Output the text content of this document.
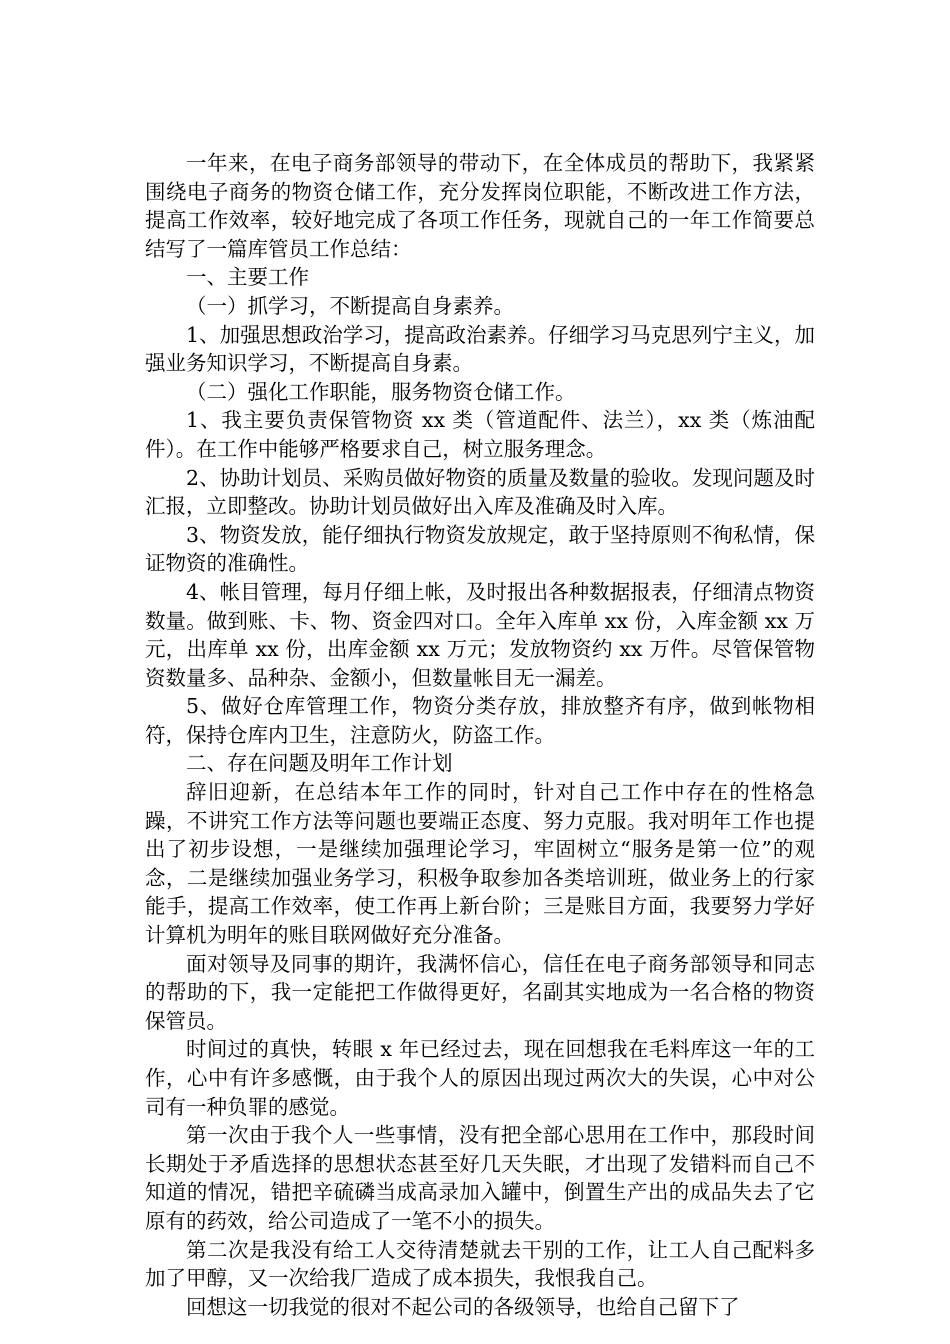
一年来，在电子商务部领导的带动下，在全体成员的帮助下，我紧紧围绕电子商务的物资仓储工作，充分发挥岗位职能，不断改进工作方法，提高工作效率，较好地完成了各项工作任务，现就自己的一年工作简要总结写了一篇库管员工作总结：

一、主要工作

（一）抓学习，不断提高自身素养。

1、加强思想政治学习，提高政治素养。仔细学习马克思列宁主义，加强业务知识学习，不断提高自身素。

（二）强化工作职能，服务物资仓储工作。

1、我主要负责保管物资 xx 类（管道配件、法兰），xx 类（炼油配件）。在工作中能够严格要求自己，树立服务理念。

2、协助计划员、采购员做好物资的质量及数量的验收。发现问题及时汇报，立即整改。协助计划员做好出入库及准确及时入库。

3、物资发放，能仔细执行物资发放规定，敢于坚持原则不徇私情，保证物资的准确性。

4、帐目管理，每月仔细上帐，及时报出各种数据报表，仔细清点物资数量。做到账、卡、物、资金四对口。全年入库单 xx 份，入库金额 xx 万元，出库单 xx 份，出库金额 xx 万元；发放物资约 xx 万件。尽管保管物资数量多、品种杂、金额小，但数量帐目无一漏差。

5、做好仓库管理工作，物资分类存放，排放整齐有序，做到帐物相符，保持仓库内卫生，注意防火，防盗工作。

二、存在问题及明年工作计划

辞旧迎新，在总结本年工作的同时，针对自己工作中存在的性格急躁，不讲究工作方法等问题也要端正态度、努力克服。我对明年工作也提出了初步设想，一是继续加强理论学习，牢固树立“服务是第一位”的观念，二是继续加强业务学习，积极争取参加各类培训班，做业务上的行家能手，提高工作效率，使工作再上新台阶；三是账目方面，我要努力学好计算机为明年的账目联网做好充分准备。

面对领导及同事的期许，我满怀信心，信任在电子商务部领导和同志的帮助的下，我一定能把工作做得更好，名副其实地成为一名合格的物资保管员。

时间过的真快，转眼 x 年已经过去，现在回想我在毛料库这一年的工作，心中有许多感慨，由于我个人的原因出现过两次大的失误，心中对公司有一种负罪的感觉。

第一次由于我个人一些事情，没有把全部心思用在工作中，那段时间长期处于矛盾选择的思想状态甚至好几天失眠，才出现了发错料而自己不知道的情况，错把辛硫磷当成高录加入罐中，倒置生产出的成品失去了它原有的药效，给公司造成了一笔不小的损失。

第二次是我没有给工人交待清楚就去干别的工作，让工人自己配料多加了甲醇，又一次给我厂造成了成本损失，我恨我自己。

回想这一切我觉的很对不起公司的各级领导，也给自己留下了
